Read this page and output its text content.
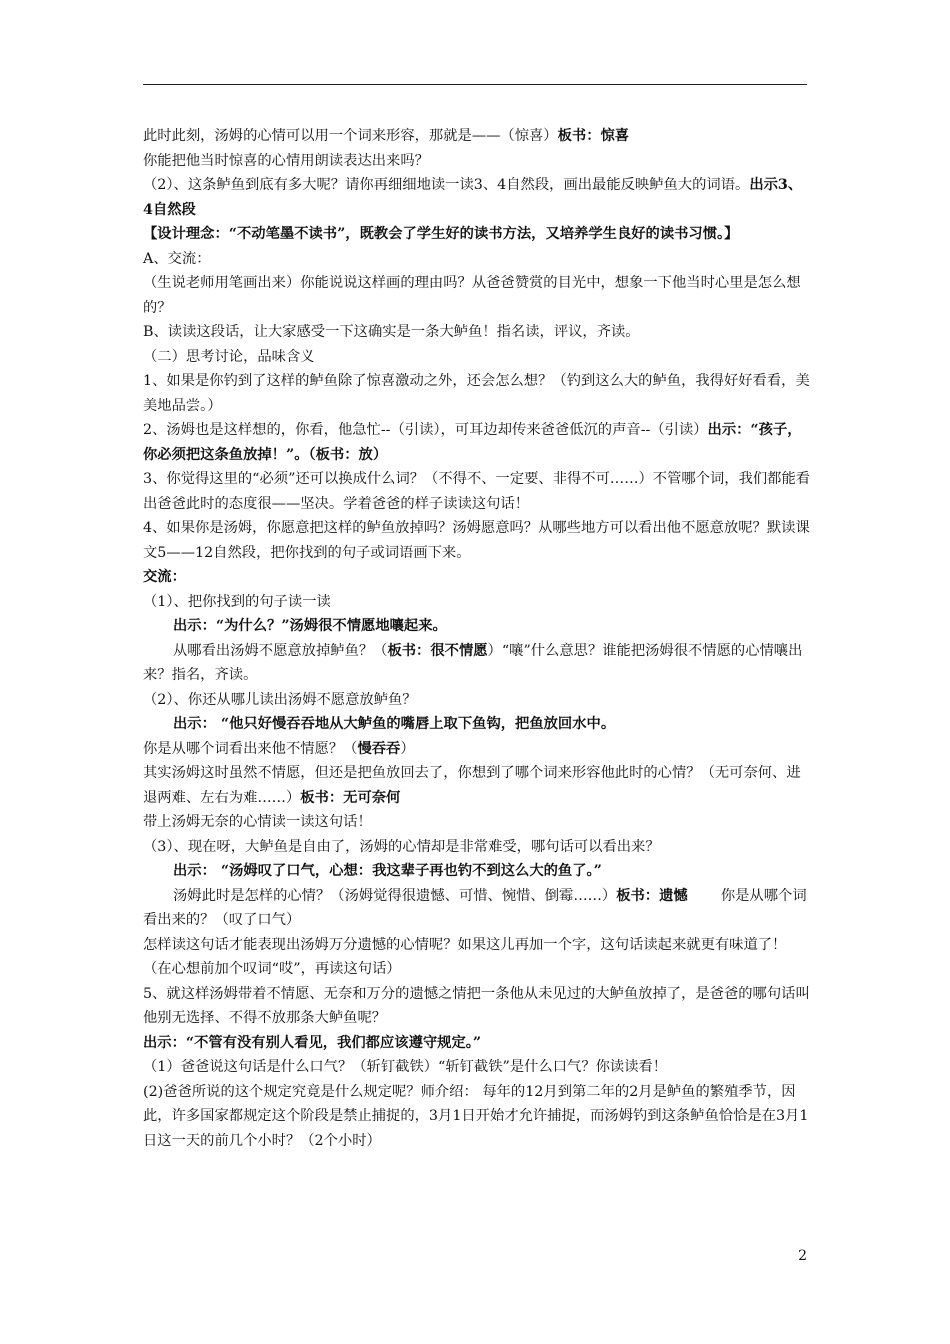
此时此刻，汤姆的心情可以用一个词来形容，那就是——（惊喜）板书：惊喜

你能把他当时惊喜的心情用朗读表达出来吗？

（2）、这条鲈鱼到底有多大呢？请你再细细地读一读3、4自然段，画出最能反映鲈鱼大的词语。出示3、4自然段

【设计理念：“不动笔墨不读书”，既教会了学生好的读书方法，又培养学生良好的读书习惯。】

A、交流：

（生说老师用笔画出来）你能说说这样画的理由吗？从爸爸赞赏的目光中，想象一下他当时心里是怎么想的？

B、读读这段话，让大家感受一下这确实是一条大鲈鱼！指名读，评议，齐读。

（二）思考讨论，品味含义

1、如果是你钓到了这样的鲈鱼除了惊喜激动之外，还会怎么想？（钓到这么大的鲈鱼，我得好好看看，美美地品尝。）

2、汤姆也是这样想的，你看，他急忙--（引读），可耳边却传来爸爸低沉的声音--（引读）出示：“孩子，你必须把这条鱼放掉！”。（板书：放）

3、你觉得这里的“必须”还可以换成什么词？（不得不、一定要、非得不可……）不管哪个词，我们都能看出爸爸此时的态度很——坚决。学着爸爸的样子读读这句话！

4、如果你是汤姆，你愿意把这样的鲈鱼放掉吗？汤姆愿意吗？从哪些地方可以看出他不愿意放呢？默读课文5——12自然段，把你找到的句子或词语画下来。

交流：

（1）、把你找到的句子读一读

出示：“为什么？”汤姆很不情愿地嚷起来。

从哪看出汤姆不愿意放掉鲈鱼？（板书：很不情愿）“嚷”什么意思？谁能把汤姆很不情愿的心情嚷出来？指名，齐读。

（2）、你还从哪儿读出汤姆不愿意放鲈鱼？

出示： “他只好慢吞吞地从大鲈鱼的嘴唇上取下鱼钩，把鱼放回水中。

你是从哪个词看出来他不情愿？（慢吞吞）

其实汤姆这时虽然不情愿，但还是把鱼放回去了，你想到了哪个词来形容他此时的心情？（无可奈何、进退两难、左右为难……）板书：无可奈何

带上汤姆无奈的心情读一读这句话！

（3）、现在呀，大鲈鱼是自由了，汤姆的心情却是非常难受，哪句话可以看出来？

出示： “汤姆叹了口气，心想：我这辈子再也钓不到这么大的鱼了。”

汤姆此时是怎样的心情？（汤姆觉得很遗憾、可惜、惋惜、倒霉……）板书：遗憾　　 你是从哪个词看出来的？（叹了口气）

怎样读这句话才能表现出汤姆万分遗憾的心情呢？如果这儿再加一个字，这句话读起来就更有味道了！（在心想前加个叹词“哎”，再读这句话）

5、就这样汤姆带着不情愿、无奈和万分的遗憾之情把一条他从未见过的大鲈鱼放掉了，是爸爸的哪句话叫他别无选择、不得不放那条大鲈鱼呢？

出示：“不管有没有别人看见，我们都应该遵守规定。”

（1）爸爸说这句话是什么口气？（斩钉截铁）“斩钉截铁”是什么口气？你读读看！

(2)爸爸所说的这个规定究竟是什么规定呢？师介绍： 每年的12月到第二年的2月是鲈鱼的繁殖季节，因此，许多国家都规定这个阶段是禁止捕捉的，3月1日开始才允许捕捉，而汤姆钓到这条鲈鱼恰恰是在3月1日这一天的前几个小时？（2个小时）

2
